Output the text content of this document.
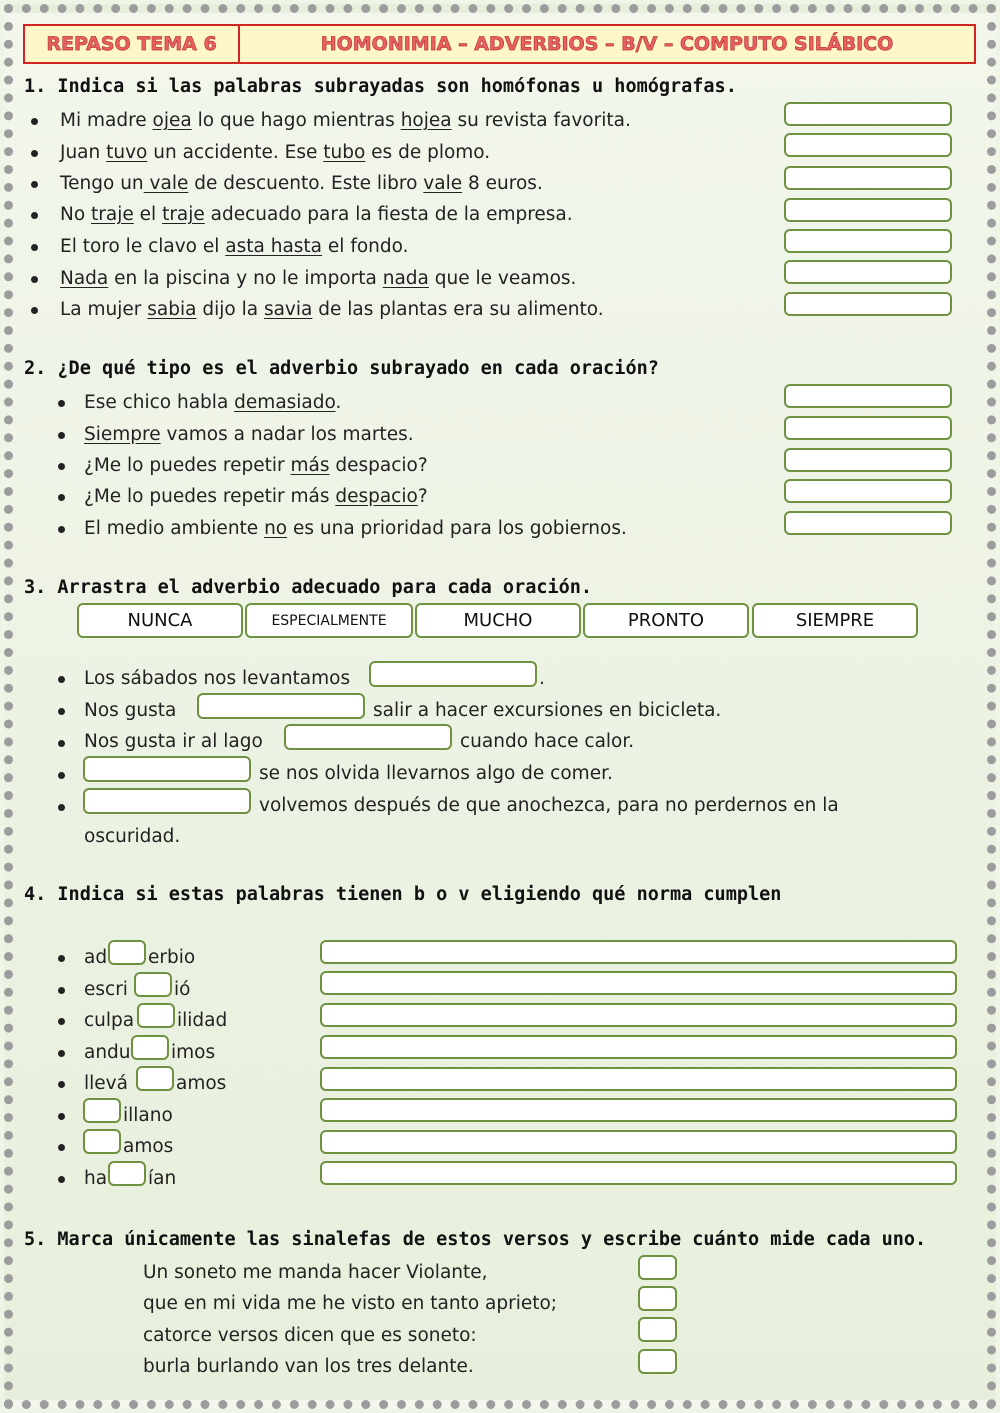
REPASO TEMA 6	HOMONIMIA – ADVERBIOS – B/V – COMPUTO SILÁBICO
1. Indica si las palabras subrayadas son homófonas u homógrafas.
Mi madre ojea lo que hago mientras hojea su revista favorita.
Juan tuvo un accidente. Ese tubo es de plomo.
Tengo un vale de descuento. Este libro vale 8 euros.
No traje el traje adecuado para la fiesta de la empresa.
El toro le clavo el asta hasta el fondo.
Nada en la piscina y no le importa nada que le veamos.
La mujer sabia dijo la savia de las plantas era su alimento.
2. ¿De qué tipo es el adverbio subrayado en cada oración?
Ese chico habla demasiado.
Siempre vamos a nadar los martes.
¿Me lo puedes repetir más despacio?
¿Me lo puedes repetir más despacio?
El medio ambiente no es una prioridad para los gobiernos.
3. Arrastra el adverbio adecuado para cada oración.
NUNCA	ESPECIALMENTE	MUCHO	PRONTO	SIEMPRE
Los sábados nos levantamos	.
Nos gusta	salir a hacer excursiones en bicicleta.
Nos gusta ir al lago	cuando hace calor.
se nos olvida llevarnos algo de comer.
volvemos después de que anochezca, para no perdernos en la
oscuridad.
4. Indica si estas palabras tienen b o v eligiendo qué norma cumplen
ad erbio
escri ió
culpa ilidad
andu imos
llevá	amos
illano
amos
ha ían
5. Marca únicamente las sinalefas de estos versos y escribe cuánto mide cada uno.
Un soneto me manda hacer Violante,
que en mi vida me he visto en tanto aprieto;
catorce versos dicen que es soneto:
burla burlando van los tres delante.
